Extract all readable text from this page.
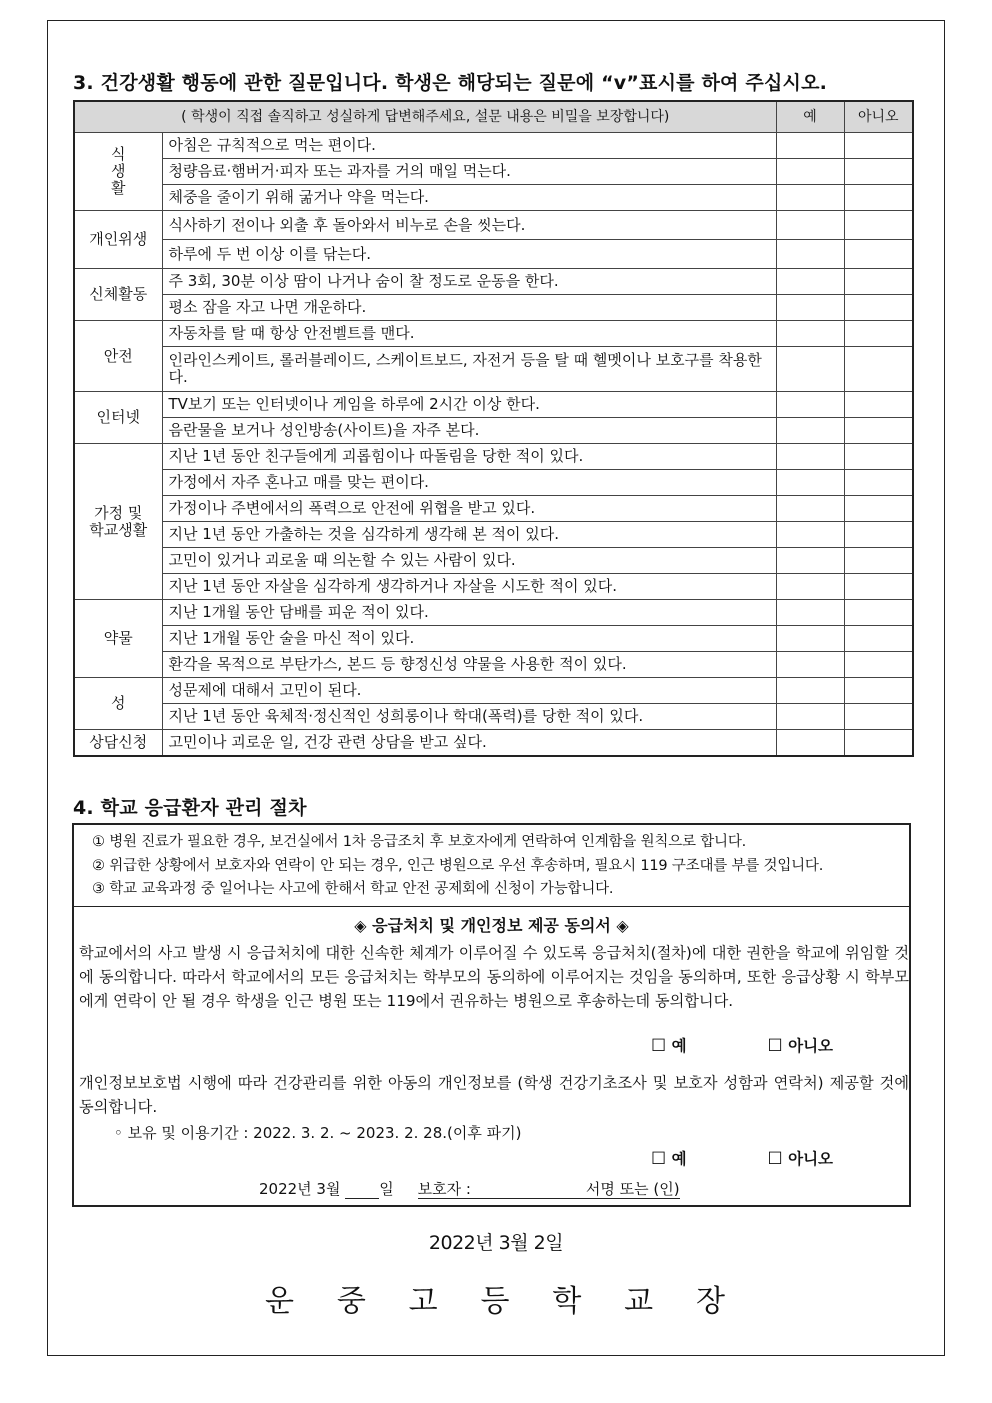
3. 건강생활 행동에 관한 질문입니다. 학생은 해당되는 질문에 “v”표시를 하여 주십시오.
( 학생이 직접 솔직하고 성실하게 답변해주세요, 설문 내용은 비밀을 보장합니다)		예	아니오
식
생
활	아침은 규칙적으로 먹는 편이다.		
	청량음료·햄버거·피자 또는 과자를 거의 매일 먹는다.		
	체중을 줄이기 위해 굶거나 약을 먹는다.		
개인위생	식사하기 전이나 외출 후 돌아와서 비누로 손을 씻는다.		
	하루에 두 번 이상 이를 닦는다.		
신체활동	주 3회, 30분 이상 땀이 나거나 숨이 찰 정도로 운동을 한다.		
	평소 잠을 자고 나면 개운하다.		
안전	자동차를 탈 때 항상 안전벨트를 맨다.		
	인라인스케이트, 롤러블레이드, 스케이트보드, 자전거 등을 탈 때 헬멧이나 보호구를 착용한다.		
인터넷	TV보기 또는 인터넷이나 게임을 하루에 2시간 이상 한다.		
	음란물을 보거나 성인방송(사이트)을 자주 본다.		
가정 및
학교생활	지난 1년 동안 친구들에게 괴롭힘이나 따돌림을 당한 적이 있다.		
	가정에서 자주 혼나고 매를 맞는 편이다.		
	가정이나 주변에서의 폭력으로 안전에 위협을 받고 있다.		
	지난 1년 동안 가출하는 것을 심각하게 생각해 본 적이 있다.		
	고민이 있거나 괴로울 때 의논할 수 있는 사람이 있다.		
	지난 1년 동안 자살을 심각하게 생각하거나 자살을 시도한 적이 있다.		
약물	지난 1개월 동안 담배를 피운 적이 있다.		
	지난 1개월 동안 술을 마신 적이 있다.		
	환각을 목적으로 부탄가스, 본드 등 향정신성 약물을 사용한 적이 있다.		
성	성문제에 대해서 고민이 된다.		
	지난 1년 동안 육체적·정신적인 성희롱이나 학대(폭력)를 당한 적이 있다.		
상담신청	고민이나 괴로운 일, 건강 관련 상담을 받고 싶다.		
4. 학교 응급환자 관리 절차
① 병원 진료가 필요한 경우, 보건실에서 1차 응급조치 후 보호자에게 연락하여 인계함을 원칙으로 합니다.
② 위급한 상황에서 보호자와 연락이 안 되는 경우, 인근 병원으로 우선 후송하며, 필요시 119 구조대를 부를 것입니다.
③ 학교 교육과정 중 일어나는 사고에 한해서 학교 안전 공제회에 신청이 가능합니다.
◈ 응급처치 및 개인정보 제공 동의서 ◈
학교에서의 사고 발생 시 응급처치에 대한 신속한 체계가 이루어질 수 있도록 응급처치(절차)에 대한 권한을 학교에 위임할 것에 동의합니다. 따라서 학교에서의 모든 응급처치는 학부모의 동의하에 이루어지는 것임을 동의하며, 또한 응급상황 시 학부모에게 연락이 안 될 경우 학생을 인근 병원 또는 119에서 권유하는 병원으로 후송하는데 동의합니다.
☐ 예	☐ 아니오
개인정보보호법 시행에 따라 건강관리를 위한 아동의 개인정보를 (학생 건강기초조사 및 보호자 성함과 연락처) 제공할 것에 동의합니다.
◦ 보유 및 이용기간 : 2022. 3. 2. ~ 2023. 2. 28.(이후 파기)
☐ 예	☐ 아니오
2022년 3월	일 보호자 :	서명 또는 (인)
2022년 3월 2일
운 중 고 등 학 교 장
